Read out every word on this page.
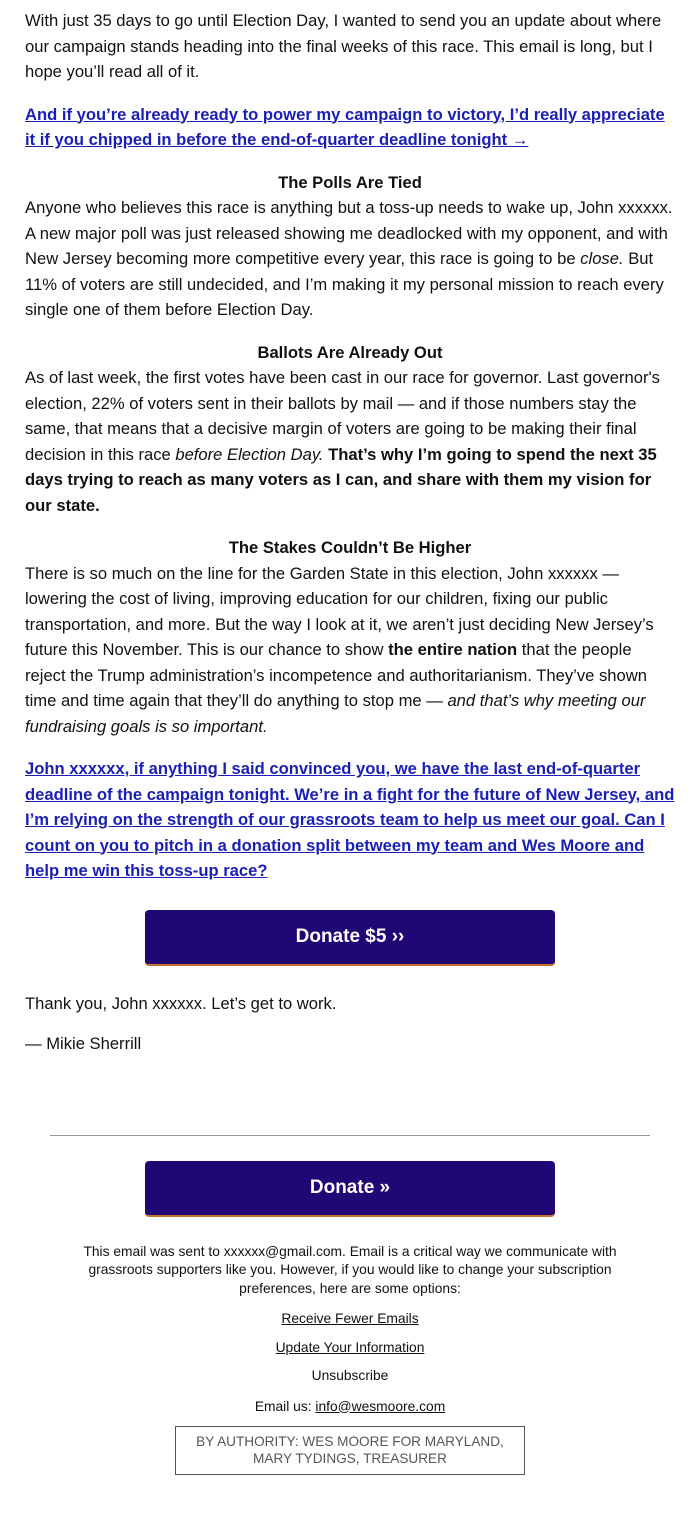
With just 35 days to go until Election Day, I wanted to send you an update about where our campaign stands heading into the final weeks of this race. This email is long, but I hope you’ll read all of it.

And if you’re already ready to power my campaign to victory, I’d really appreciate it if you chipped in before the end-of-quarter deadline tonight →

The Polls Are Tied

Anyone who believes this race is anything but a toss-up needs to wake up, John xxxxxx. A new major poll was just released showing me deadlocked with my opponent, and with New Jersey becoming more competitive every year, this race is going to be close. But 11% of voters are still undecided, and I’m making it my personal mission to reach every single one of them before Election Day.

Ballots Are Already Out

As of last week, the first votes have been cast in our race for governor. Last governor's election, 22% of voters sent in their ballots by mail — and if those numbers stay the same, that means that a decisive margin of voters are going to be making their final decision in this race before Election Day. That’s why I’m going to spend the next 35 days trying to reach as many voters as I can, and share with them my vision for our state.

The Stakes Couldn’t Be Higher

There is so much on the line for the Garden State in this election, John xxxxxx — lowering the cost of living, improving education for our children, fixing our public transportation, and more. But the way I look at it, we aren’t just deciding New Jersey’s future this November. This is our chance to show the entire nation that the people reject the Trump administration’s incompetence and authoritarianism. They’ve shown time and time again that they’ll do anything to stop me — and that’s why meeting our fundraising goals is so important.

John xxxxxx, if anything I said convinced you, we have the last end-of-quarter deadline of the campaign tonight. We’re in a fight for the future of New Jersey, and I’m relying on the strength of our grassroots team to help us meet our goal. Can I count on you to pitch in a donation split between my team and Wes Moore and help me win this toss-up race?

Donate $5 ››

Thank you, John xxxxxx. Let’s get to work.

— Mikie Sherrill

Donate »
This email was sent to xxxxxx@gmail.com. Email is a critical way we communicate with grassroots supporters like you. However, if you would like to change your subscription preferences, here are some options:
Receive Fewer Emails
Update Your Information
Unsubscribe
Email us: info@wesmoore.com
BY AUTHORITY: WES MOORE FOR MARYLAND,
MARY TYDINGS, TREASURER
